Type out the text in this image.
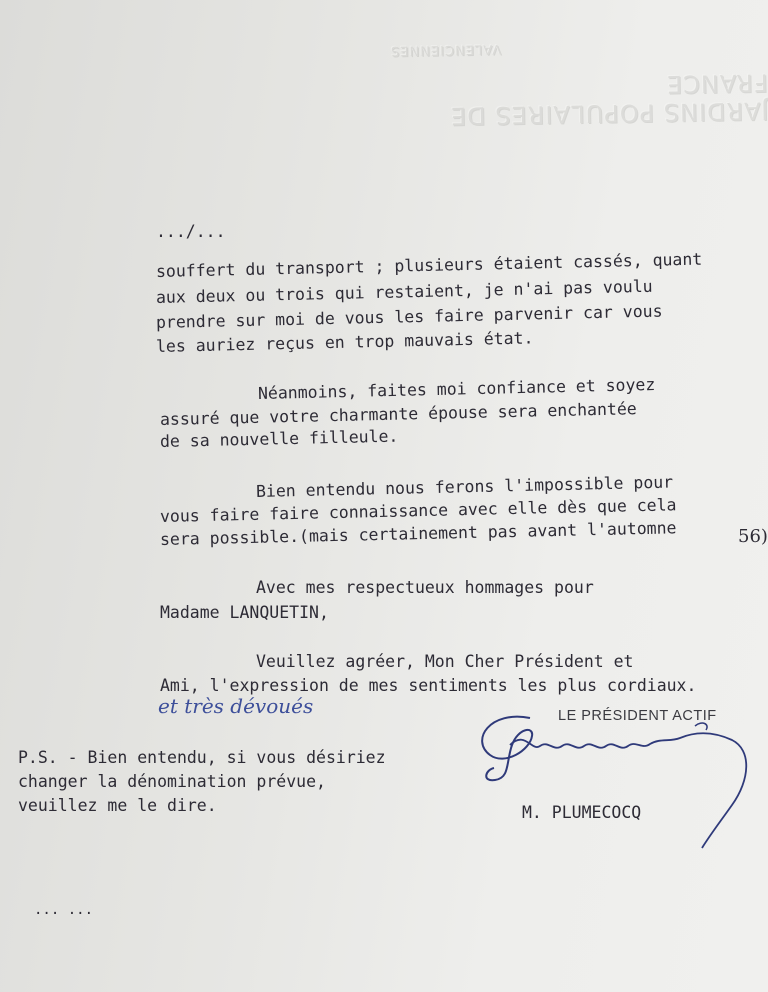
JARDINS POPULAIRES DE FRANCE
VALENCIENNES
.../...
souffert du transport ; plusieurs étaient cassés, quant
aux deux ou trois qui restaient, je n'ai pas voulu
prendre sur moi de vous les faire parvenir car vous
les auriez reçus en trop mauvais état.
Néanmoins, faites moi confiance et soyez
assuré que votre charmante épouse sera enchantée
de sa nouvelle filleule.
Bien entendu nous ferons l'impossible pour
vous faire faire connaissance avec elle dès que cela
sera possible.(mais certainement pas avant l'automne	56)
Avec mes respectueux hommages pour
Madame LANQUETIN,
Veuillez agréer, Mon Cher Président et
Ami, l'expression de mes sentiments les plus cordiaux.
et très dévoués	LE PRÉSIDENT ACTIF
P.S. - Bien entendu, si vous désiriez
changer la dénomination prévue,
veuillez me le dire.	M. PLUMECOCQ
... ...
